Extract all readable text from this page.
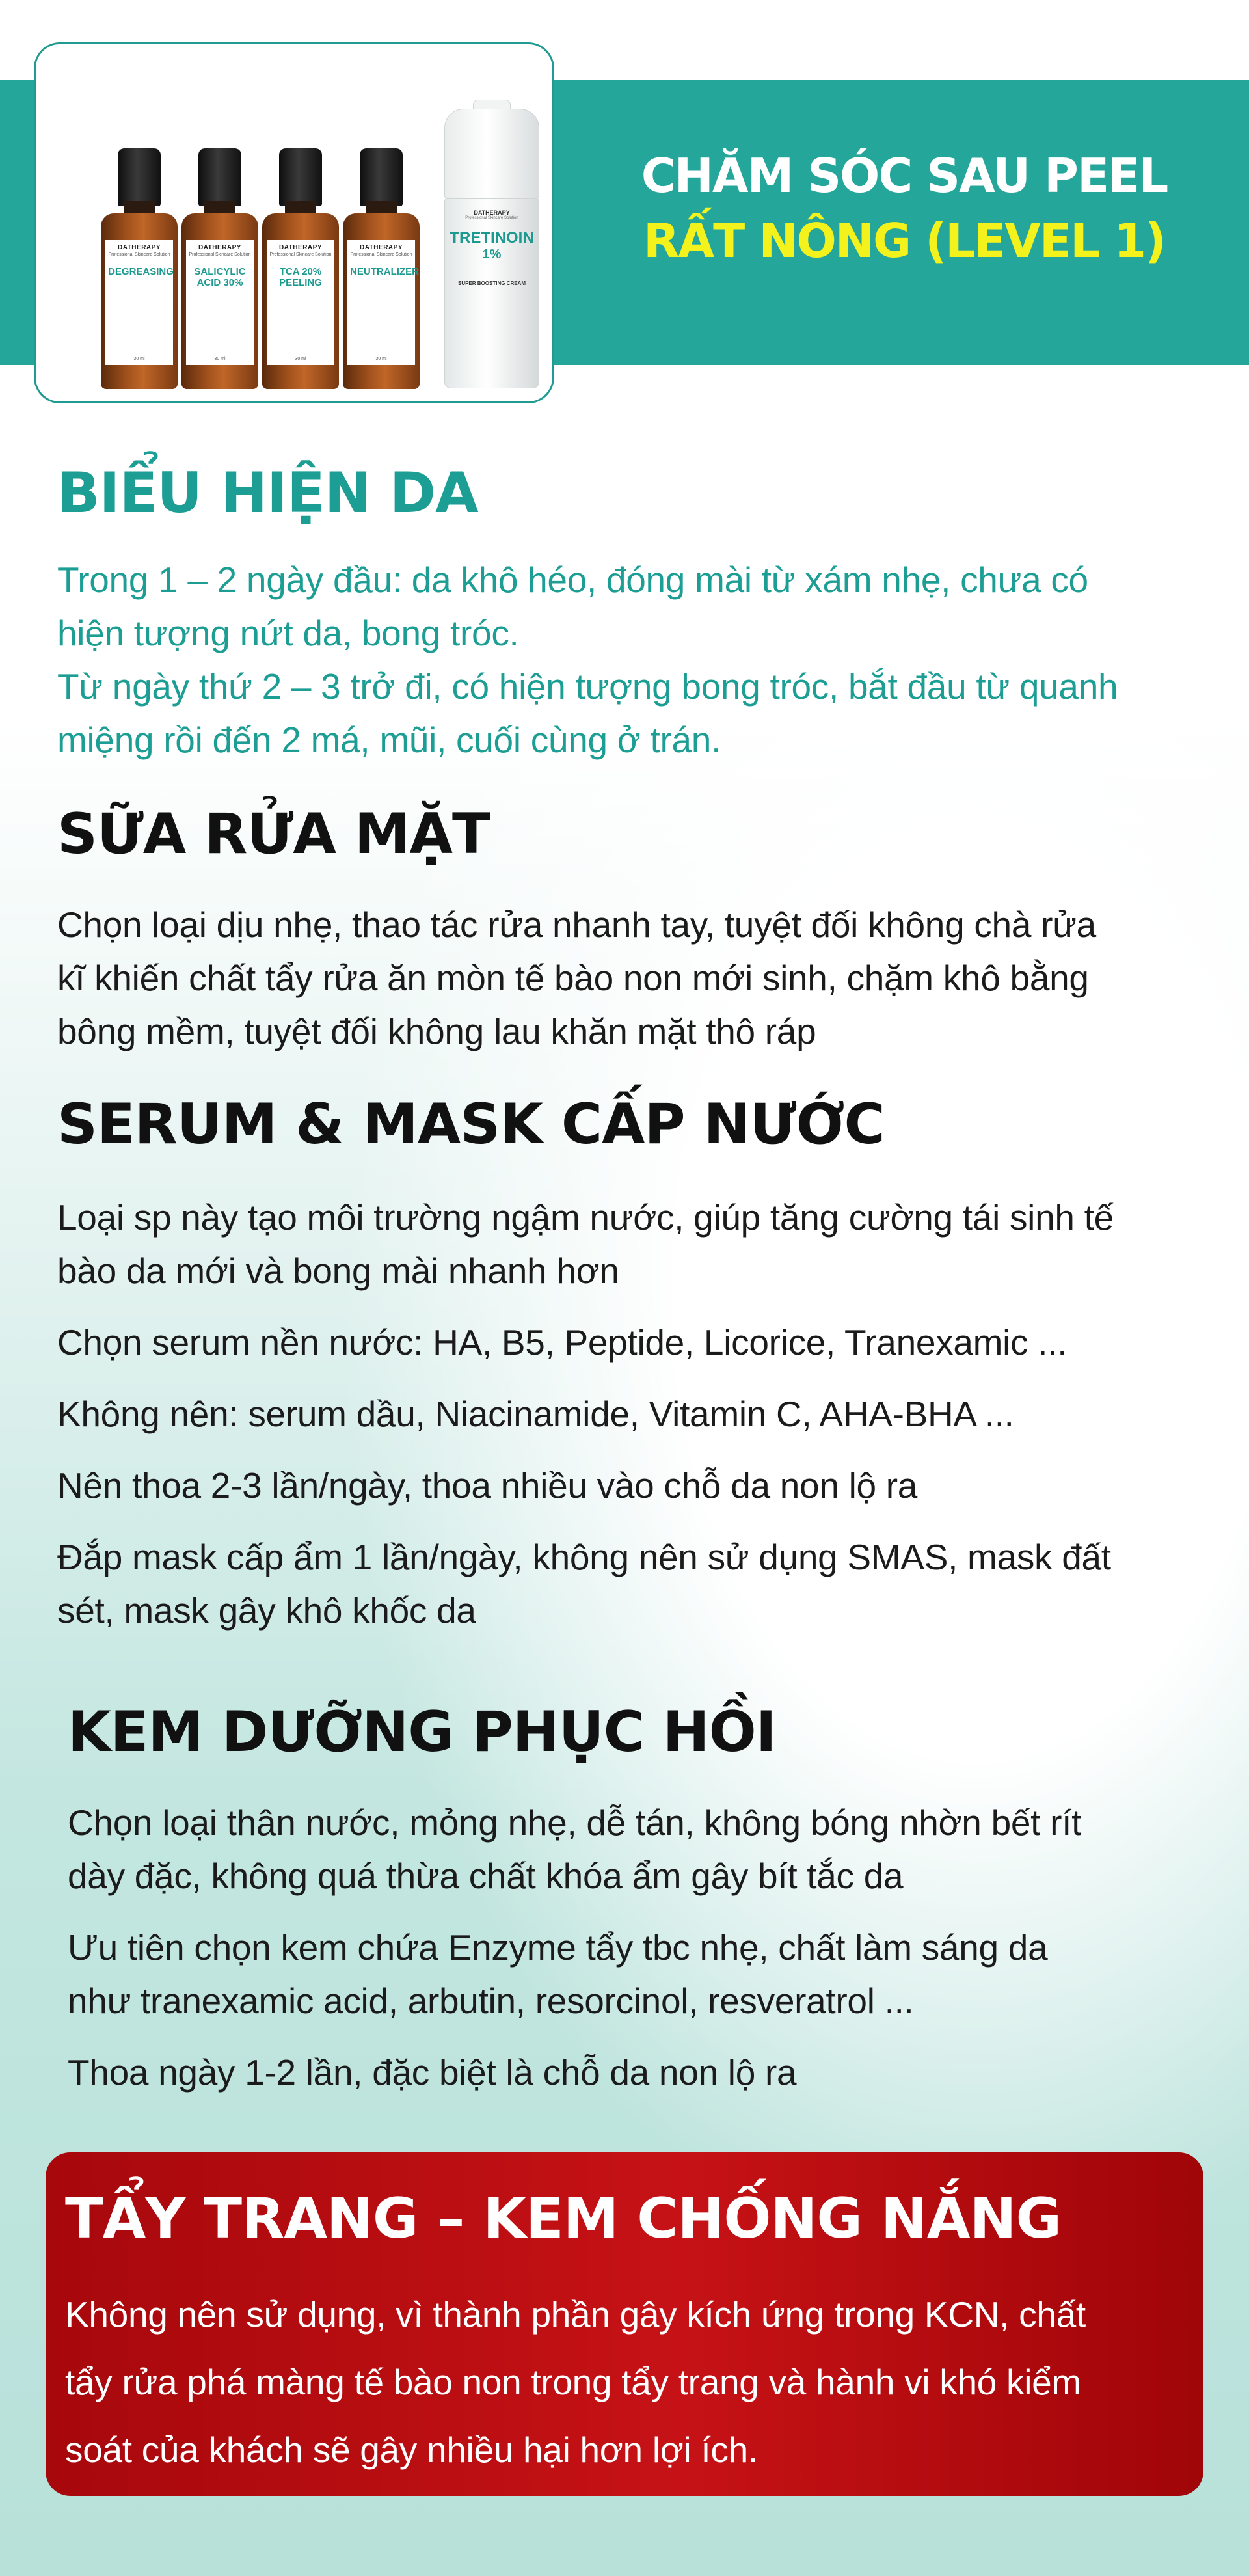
DATHERAPY
Professional Skincare Solution
DEGREASING
30 ml
DATHERAPY
Professional Skincare Solution
SALICYLIC ACID 30%
30 ml
DATHERAPY
Professional Skincare Solution
TCA 20% PEELING
30 ml
DATHERAPY
Professional Skincare Solution
NEUTRALIZER
30 ml
DATHERAPY
Professional Skincare Solution
TRETINOIN
1%
SUPER BOOSTING CREAM
CHĂM SÓC SAU PEEL
RẤT NÔNG (LEVEL 1)
BIỂU HIỆN DA

Trong 1 – 2 ngày đầu: da khô héo, đóng mài từ xám nhẹ, chưa có

hiện tượng nứt da, bong tróc.

Từ ngày thứ 2 – 3 trở đi, có hiện tượng bong tróc, bắt đầu từ quanh

miệng rồi đến 2 má, mũi, cuối cùng ở trán.

SỮA RỬA MẶT

Chọn loại dịu nhẹ, thao tác rửa nhanh tay, tuyệt đối không chà rửa

kĩ khiến chất tẩy rửa ăn mòn tế bào non mới sinh, chặm khô bằng

bông mềm, tuyệt đối không lau khăn mặt thô ráp

SERUM & MASK CẤP NƯỚC

Loại sp này tạo môi trường ngậm nước, giúp tăng cường tái sinh tế

bào da mới và bong mài nhanh hơn

Chọn serum nền nước: HA, B5, Peptide, Licorice, Tranexamic ...

Không nên: serum dầu, Niacinamide, Vitamin C, AHA-BHA ...

Nên thoa 2-3 lần/ngày, thoa nhiều vào chỗ da non lộ ra

Đắp mask cấp ẩm 1 lần/ngày, không nên sử dụng SMAS, mask đất

sét, mask gây khô khốc da

KEM DƯỠNG PHỤC HỒI

Chọn loại thân nước, mỏng nhẹ, dễ tán, không bóng nhờn bết rít

dày đặc, không quá thừa chất khóa ẩm gây bít tắc da

Ưu tiên chọn kem chứa Enzyme tẩy tbc nhẹ, chất làm sáng da

như tranexamic acid, arbutin, resorcinol, resveratrol ...

Thoa ngày 1-2 lần, đặc biệt là chỗ da non lộ ra

TẨY TRANG – KEM CHỐNG NẮNG

Không nên sử dụng, vì thành phần gây kích ứng trong KCN, chất

tẩy rửa phá màng tế bào non trong tẩy trang và hành vi khó kiểm

soát của khách sẽ gây nhiều hại hơn lợi ích.
